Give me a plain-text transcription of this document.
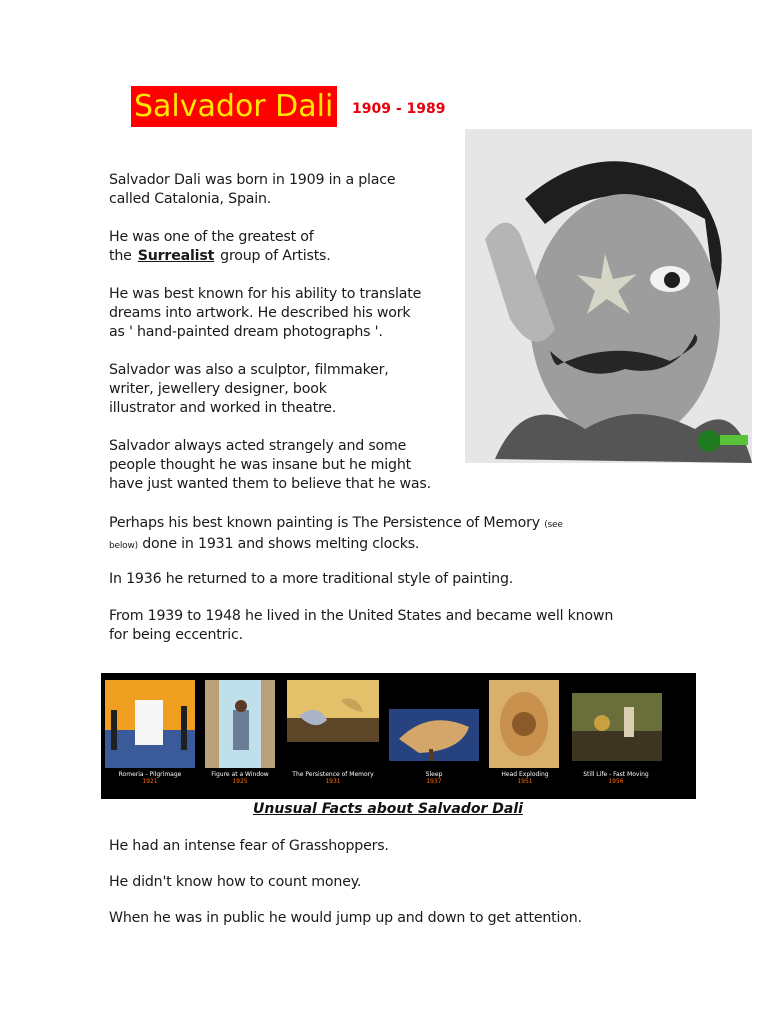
Salvador Dali 1909 - 1989
Salvador Dali was born in 1909 in a place
called Catalonia, Spain.
He was one of the greatest of
the Surrealist group of Artists.
He was best known for his ability to translate
dreams into artwork. He described his work
as ' hand-painted dream photographs '.
Salvador was also a sculptor, filmmaker,
writer, jewellery designer, book
illustrator and worked in theatre.
Salvador always acted strangely and some
people thought he was insane but he might
have just wanted them to believe that he was.
Perhaps his best known painting is The Persistence of Memory (see
below) done in 1931 and shows melting clocks.
In 1936 he returned to a more traditional style of painting.
From 1939 to 1948 he lived in the United States and became well known
for being eccentric.
Romeria - Pilgrimage
1921
Figure at a Window
1925
The Persistence of Memory
1931
Sleep
1937
Head Exploding
1951
Still Life - Fast Moving
1956
Unusual Facts about Salvador Dali
He had an intense fear of Grasshoppers.
He didn't know how to count money.
When he was in public he would jump up and down to get attention.
